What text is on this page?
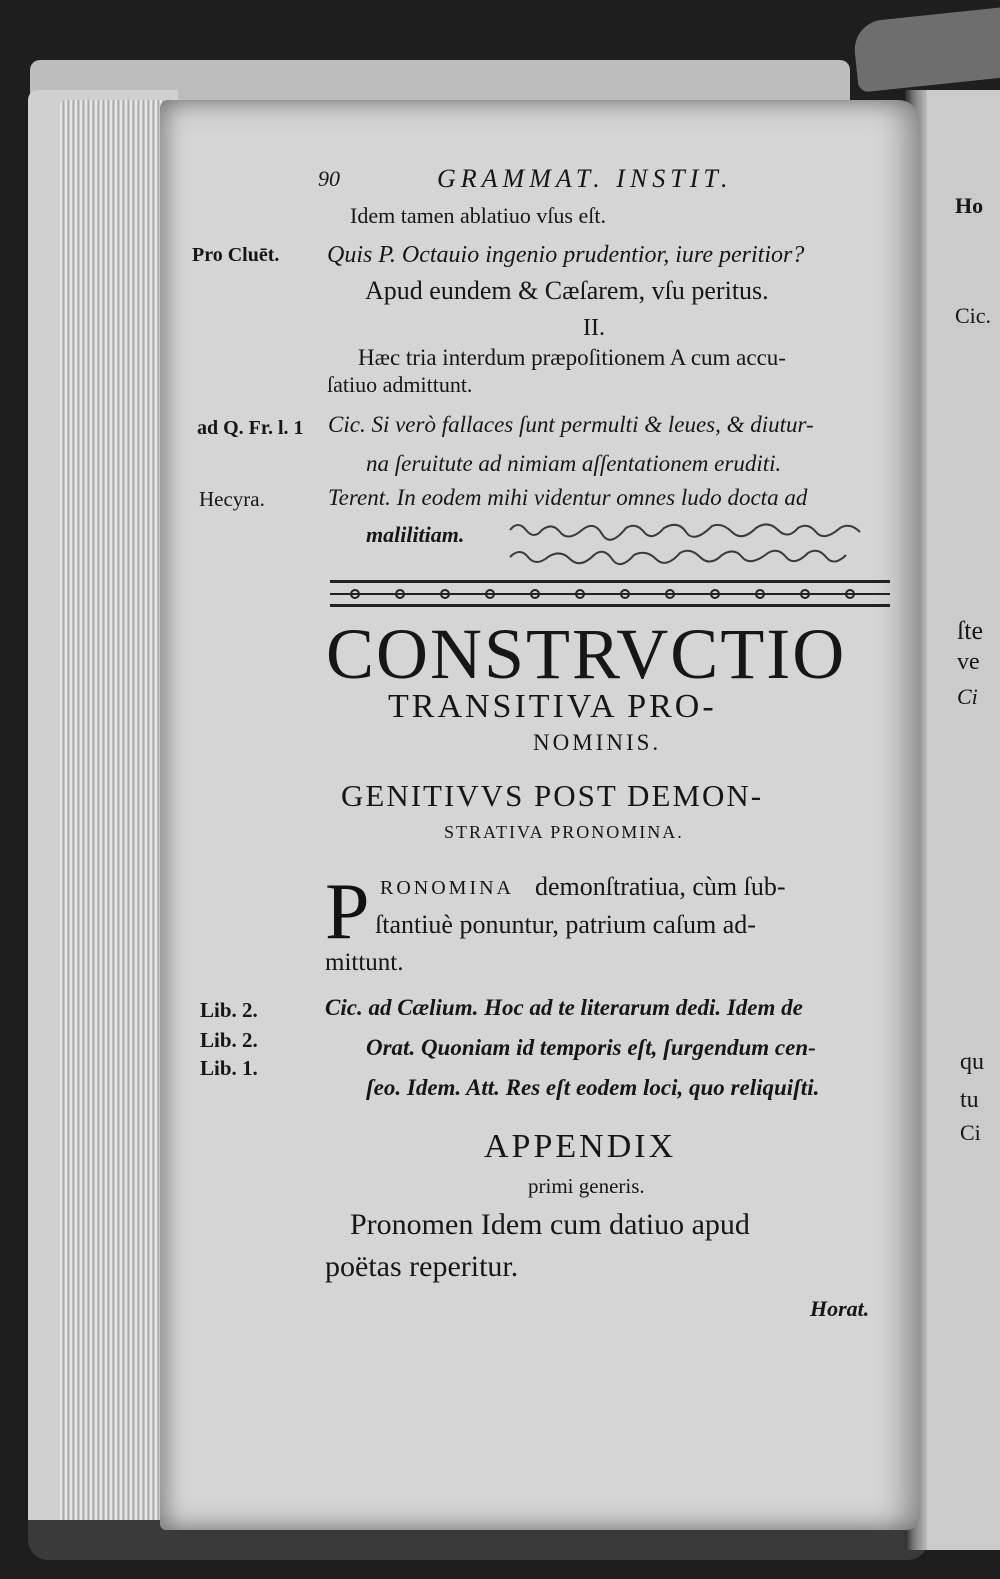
90	GRAMMAT. INSTIT.
Idem tamen ablatiuo vſus eſt.
Pro Cluēt. Quis P. Octauio ingenio prudentior, iure peritior?
Apud eundem & Cæſarem, vſu peritus.
II.
Hæc tria interdum præpoſitionem A cum accu-
ſatiuo admittunt.
ad Q. Fr. l. 1 Cic. Si verò fallaces ſunt permulti & leues, & diutur-
na ſeruitute ad nimiam aſſentationem eruditi.
Hecyra.	Terent. In eodem mihi videntur omnes ludo docta ad
malilitiam.
CONSTRVCTIO
TRANSITIVA PRO-
NOMINIS.
GENITIVVS POST DEMON-
STRATIVA PRONOMINA.
P RONOMINA demonſtratiua, cùm ſub-
ſtantiuè ponuntur, patrium caſum ad-
mittunt.
Lib. 2.
Lib. 2.
Lib. 1.
Cic. ad Cælium. Hoc ad te literarum dedi. Idem de
Orat. Quoniam id temporis eſt, ſurgendum cen-
ſeo. Idem. Att. Res eſt eodem loci, quo reliquiſti.
APPENDIX
primi generis.
Pronomen Idem cum datiuo apud
poëtas reperitur.
Horat.
Ho
Cic.
ſte
ve
Ci
qu
tu
Ci
